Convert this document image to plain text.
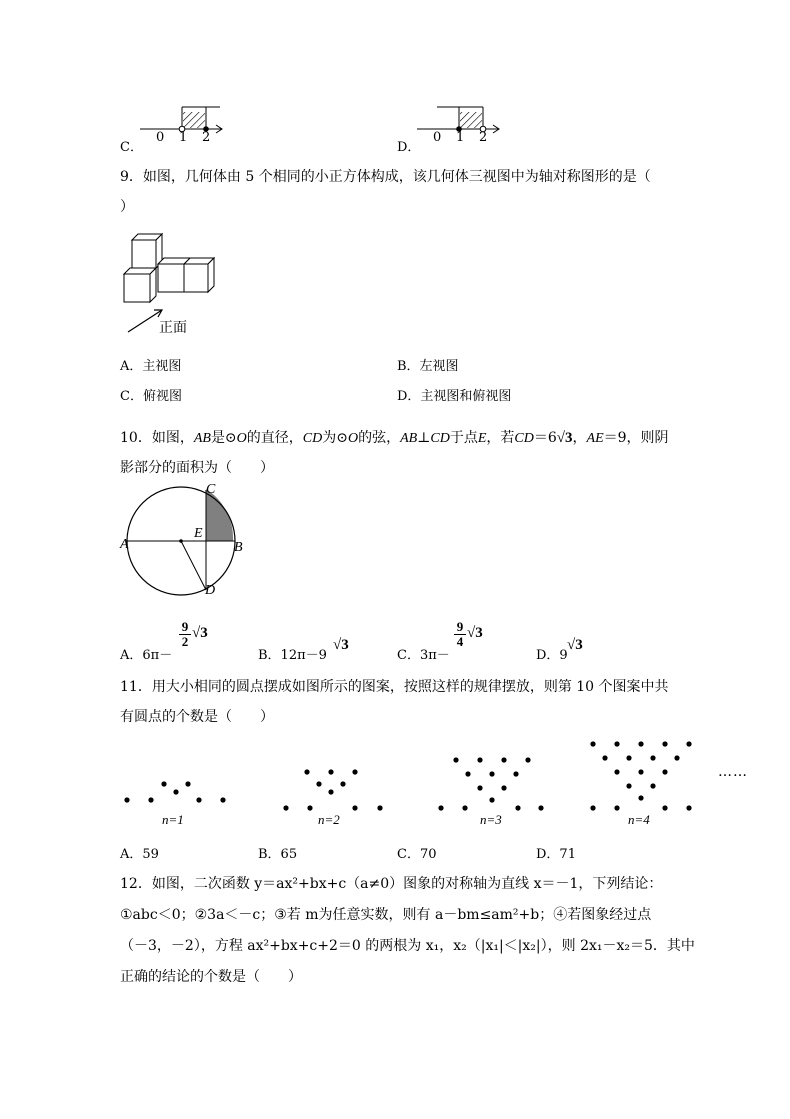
C．
0 1 2
D．
0 1 2
9．如图，几何体由 5 个相同的小正方体构成，该几何体三视图中为轴对称图形的是（
）
正面
A．主视图	B．左视图
C．俯视图	D．主视图和俯视图
10．如图，AB是⊙O的直径，CD为⊙O的弦，AB⊥CD于点E，若CD＝6√3，AE＝9，则阴
影部分的面积为（　　）
A	B
C
D
E
A．6π－
$\frac{9}{2} √3$
B．12π－9
√3
C．3π－
$\frac{9}{4} √3$
D．9
√3
11．用大小相同的圆点摆成如图所示的图案，按照这样的规律摆放，则第 10 个图案中共
有圆点的个数是（　　）
n=1	n=2	n=3	n=4
……
A．59	B．65	C．70	D．71
12．如图，二次函数 y＝ax²+bx+c（a≠0）图象的对称轴为直线 x＝－1，下列结论：
①abc＜0；②3a＜－c；③若 m为任意实数，则有 a－bm≤am²+b；④若图象经过点
（－3，－2），方程 ax²+bx+c+2＝0 的两根为 x₁，x₂（|x₁|＜|x₂|），则 2x₁－x₂＝5．其中
正确的结论的个数是（　　）
